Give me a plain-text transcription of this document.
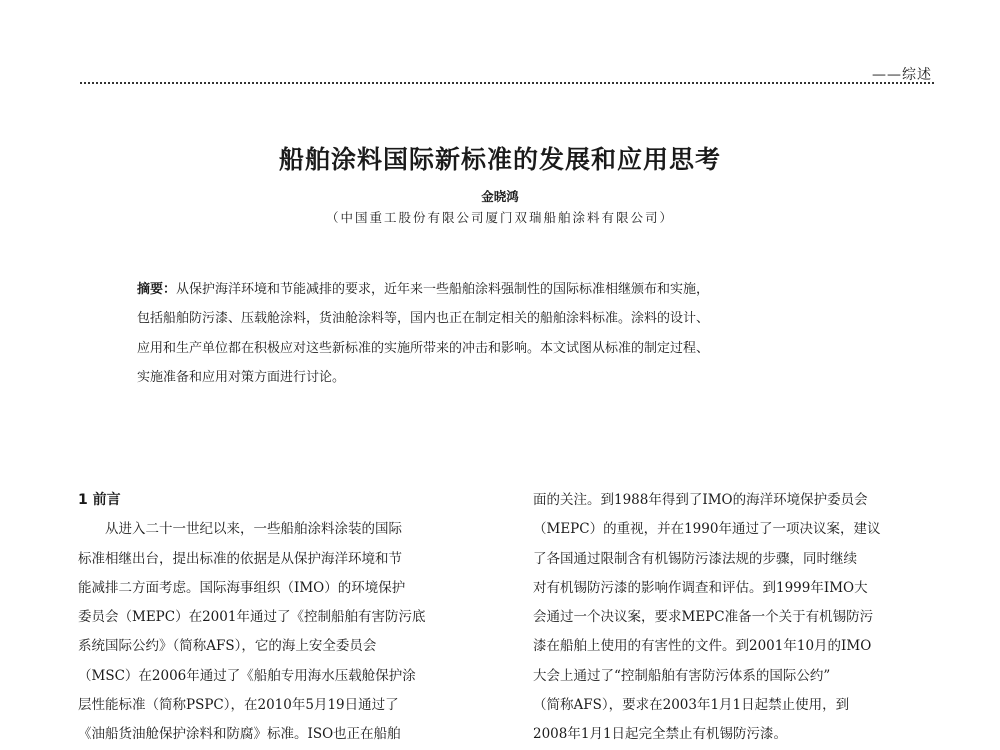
——综述
船舶涂料国际新标准的发展和应用思考
金晓鸿
（中国重工股份有限公司厦门双瑞船舶涂料有限公司）
摘要：从保护海洋环境和节能减排的要求，近年来一些船舶涂料强制性的国际标准相继颁布和实施，
包括船舶防污漆、压载舱涂料，货油舱涂料等，国内也正在制定相关的船舶涂料标准。涂料的设计、
应用和生产单位都在积极应对这些新标准的实施所带来的冲击和影响。本文试图从标准的制定过程、
实施准备和应用对策方面进行讨论。
1 前言
　　从进入二十一世纪以来，一些船舶涂料涂装的国际
标准相继出台，提出标准的依据是从保护海洋环境和节
能减排二方面考虑。国际海事组织（IMO）的环境保护
委员会（MEPC）在2001年通过了《控制船舶有害防污底
系统国际公约》（简称AFS），它的海上安全委员会
（MSC）在2006年通过了《船舶专用海水压载舱保护涂
层性能标准（简称PSPC），在2010年5月19日通过了
《油船货油舱保护涂料和防腐》标准。ISO也正在船舶
面的关注。到1988年得到了IMO的海洋环境保护委员会
（MEPC）的重视，并在1990年通过了一项决议案，建议
了各国通过限制含有机锡防污漆法规的步骤，同时继续
对有机锡防污漆的影响作调查和评估。到1999年IMO大
会通过一个决议案，要求MEPC准备一个关于有机锡防污
漆在船舶上使用的有害性的文件。到2001年10月的IMO
大会上通过了“控制船舶有害防污体系的国际公约”
（简称AFS），要求在2003年1月1日起禁止使用，到
2008年1月1日起完全禁止有机锡防污漆。
